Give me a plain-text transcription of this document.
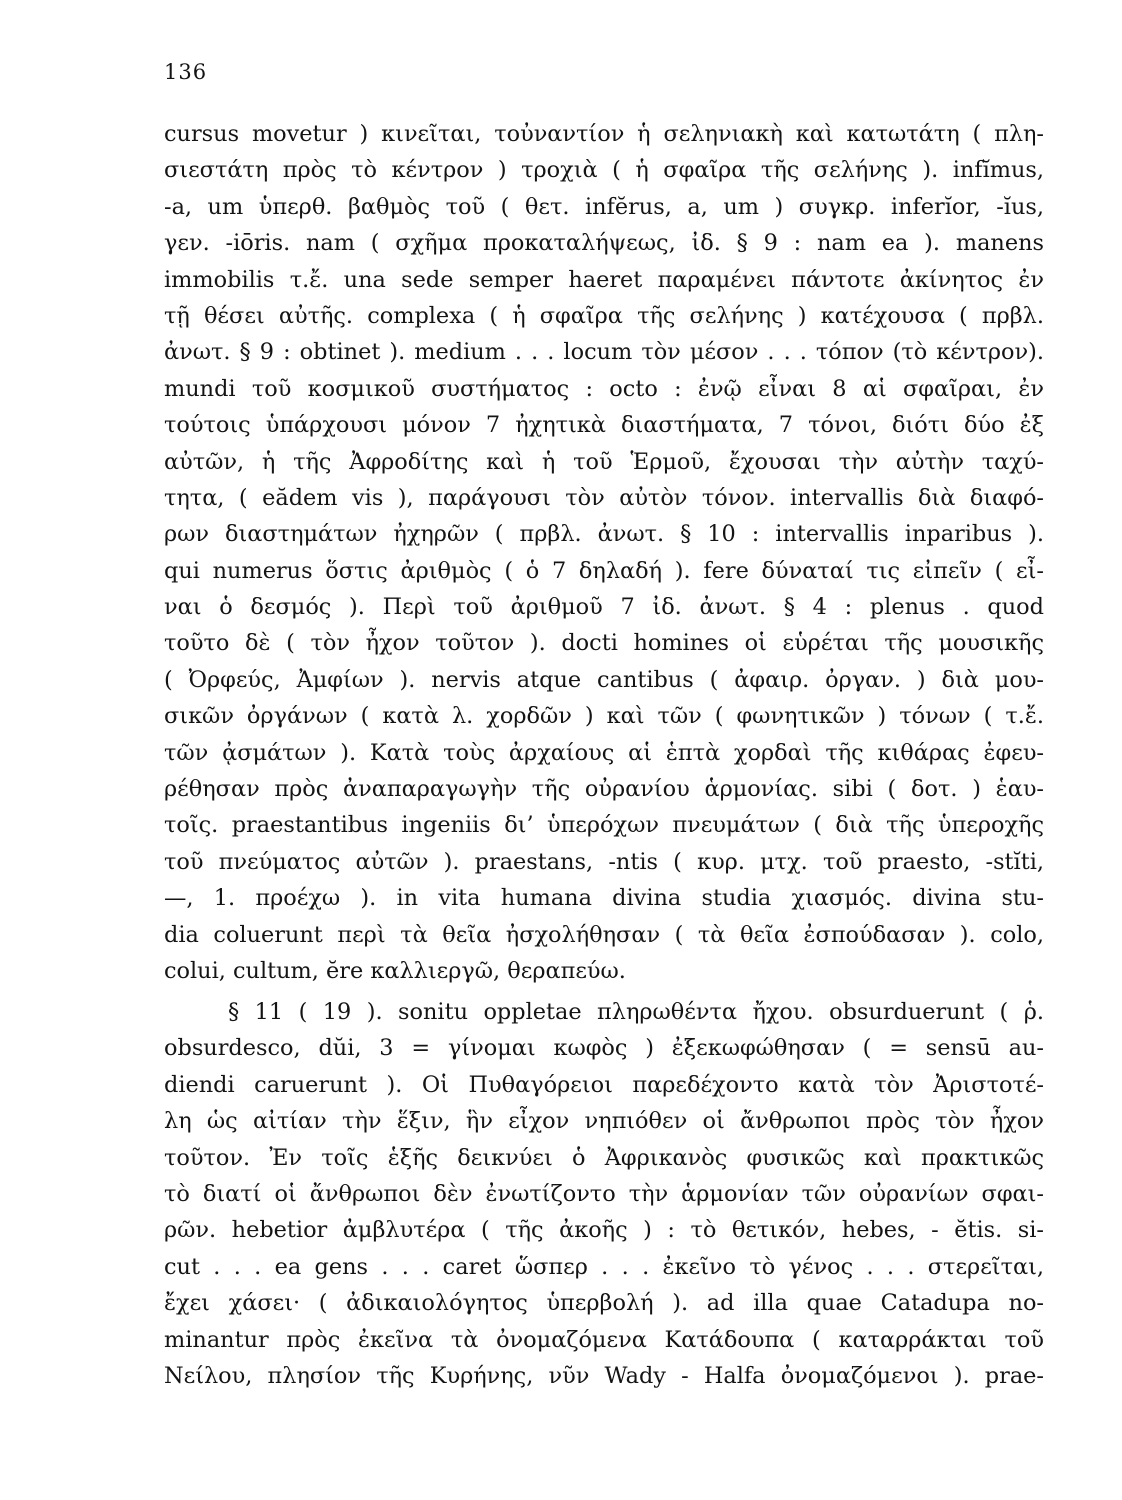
136
cursus movetur ) κινεῖται, τοὐναντίον ἡ σεληνιακὴ καὶ κατωτάτη ( πλη-
σιεστάτη πρὸς τὸ κέντρον ) τροχιὰ ( ἡ σφαῖρα τῆς σελήνης ). infĭmus,
-a, um ὑπερθ. βαθμὸς τοῦ ( θετ. infĕrus, a, um ) συγκρ. inferĭor, -ĭus,
γεν. -iōris. nam ( σχῆμα προκαταλήψεως, ἰδ. § 9 : nam ea ). manens
immobilis τ.ἔ. una sede semper haeret παραμένει πάντοτε ἀκίνητος ἐν
τῇ θέσει αὐτῆς. complexa ( ἡ σφαῖρα τῆς σελήνης ) κατέχουσα ( πρβλ.
ἀνωτ. § 9 : obtinet ). medium . . . locum τὸν μέσον . . . τόπον (τὸ κέντρον).
mundi τοῦ κοσμικοῦ συστήματος : octo : ἐνῷ εἶναι 8 αἱ σφαῖραι, ἐν
τούτοις ὑπάρχουσι μόνον 7 ἠχητικὰ διαστήματα, 7 τόνοι, διότι δύο ἐξ
αὐτῶν, ἡ τῆς Ἀφροδίτης καὶ ἡ τοῦ Ἑρμοῦ, ἔχουσαι τὴν αὐτὴν ταχύ-
τητα, ( eădem vis ), παράγουσι τὸν αὐτὸν τόνον. intervallis διὰ διαφό-
ρων διαστημάτων ἠχηρῶν ( πρβλ. ἀνωτ. § 10 : intervallis inparibus ).
qui numerus ὅστις ἀριθμὸς ( ὁ 7 δηλαδή ). fere δύναταί τις εἰπεῖν ( εἶ-
ναι ὁ δεσμός ). Περὶ τοῦ ἀριθμοῦ 7 ἰδ. ἀνωτ. § 4 : plenus . quod
τοῦτο δὲ ( τὸν ἦχον τοῦτον ). docti homines οἱ εὑρέται τῆς μουσικῆς
( Ὀρφεύς, Ἀμφίων ). nervis atque cantibus ( ἀφαιρ. ὀργαν. ) διὰ μου-
σικῶν ὀργάνων ( κατὰ λ. χορδῶν ) καὶ τῶν ( φωνητικῶν ) τόνων ( τ.ἔ.
τῶν ᾀσμάτων ). Κατὰ τοὺς ἀρχαίους αἱ ἑπτὰ χορδαὶ τῆς κιθάρας ἐφευ-
ρέθησαν πρὸς ἀναπαραγωγὴν τῆς οὐρανίου ἁρμονίας. sibi ( δοτ. ) ἑαυ-
τοῖς. praestantibus ingeniis δι’ ὑπερόχων πνευμάτων ( διὰ τῆς ὑπεροχῆς
τοῦ πνεύματος αὐτῶν ). praestans, -ntis ( κυρ. μτχ. τοῦ praesto, -stĭti,
—, 1. προέχω ). in vita humana divina studia χιασμός. divina stu-
dia coluerunt περὶ τὰ θεῖα ἠσχολήθησαν ( τὰ θεῖα ἐσπούδασαν ). colo,
colui, cultum, ĕre καλλιεργῶ, θεραπεύω.
§ 11 ( 19 ). sonitu oppletae πληρωθέντα ἤχου. obsurduerunt ( ῥ.
obsurdesco, dŭi, 3 = γίνομαι κωφὸς ) ἐξεκωφώθησαν ( = sensū au-
diendi caruerunt ). Οἱ Πυθαγόρειοι παρεδέχοντο κατὰ τὸν Ἀριστοτέ-
λη ὡς αἰτίαν τὴν ἕξιν, ἣν εἶχον νηπιόθεν οἱ ἄνθρωποι πρὸς τὸν ἦχον
τοῦτον. Ἐν τοῖς ἑξῆς δεικνύει ὁ Ἀφρικανὸς φυσικῶς καὶ πρακτικῶς
τὸ διατί οἱ ἄνθρωποι δὲν ἐνωτίζοντο τὴν ἁρμονίαν τῶν οὐρανίων σφαι-
ρῶν. hebetior ἀμβλυτέρα ( τῆς ἀκοῆς ) : τὸ θετικόν, hebes, - ĕtis. si-
cut . . . ea gens . . . caret ὥσπερ . . . ἐκεῖνο τὸ γένος . . . στερεῖται,
ἔχει χάσει· ( ἀδικαιολόγητος ὑπερβολή ). ad illa quae Catadupa no-
minantur πρὸς ἐκεῖνα τὰ ὀνομαζόμενα Κατάδουπα ( καταρράκται τοῦ
Νείλου, πλησίον τῆς Κυρήνης, νῦν Wady - Halfa ὀνομαζόμενοι ). prae-
